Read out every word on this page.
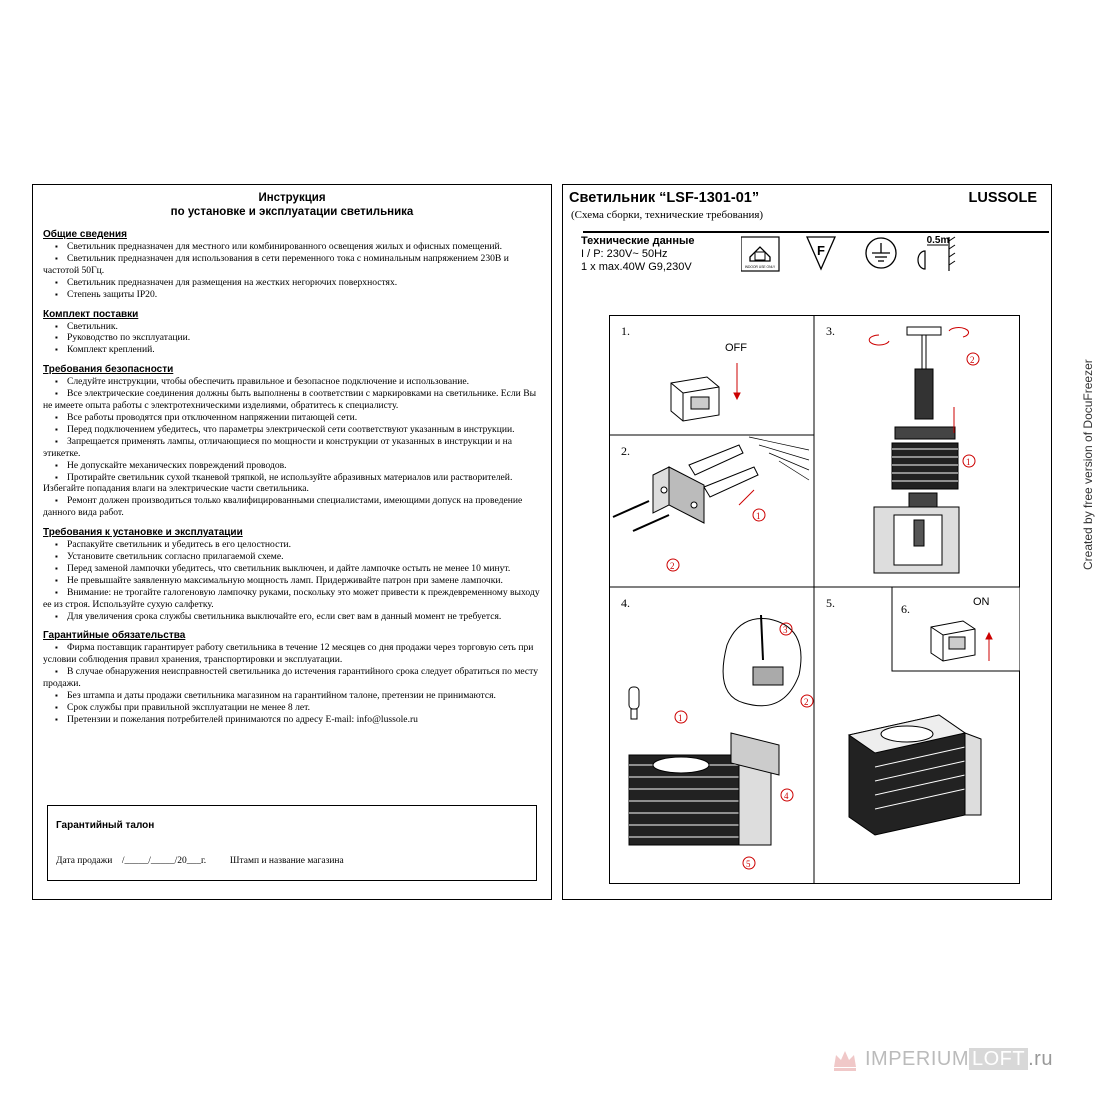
Инструкция
по установке и эксплуатации светильника
Общие сведения
▪ Светильник предназначен для местного или комбинированного освещения жилых и офисных помещений.
▪ Светильник предназначен для использования в сети переменного тока с номинальным напряжением 230В и частотой 50Гц.
▪ Светильник предназначен для размещения на жестких негорючих поверхностях.
▪ Степень защиты IP20.
Комплект поставки
▪ Светильник.
▪ Руководство по эксплуатации.
▪ Комплект креплений.
Требования безопасности
▪ Следуйте инструкции, чтобы обеспечить правильное и безопасное подключение и использование.
▪ Все электрические соединения должны быть выполнены в соответствии с маркировками на светильнике. Если Вы не имеете опыта работы с электротехническими изделиями, обратитесь к специалисту.
▪ Все работы проводятся при отключенном напряжении питающей сети.
▪ Перед подключением убедитесь, что параметры электрической сети соответствуют указанным в инструкции.
▪ Запрещается применять лампы, отличающиеся по мощности и конструкции от указанных в инструкции и на этикетке.
▪ Не допускайте механических повреждений проводов.
▪ Протирайте светильник сухой тканевой тряпкой, не используйте абразивных материалов или растворителей. Избегайте попадания влаги на электрические части светильника.
▪ Ремонт должен производиться только квалифицированными специалистами, имеющими допуск на проведение данного вида работ.
Требования к установке и эксплуатации
▪ Распакуйте светильник и убедитесь в его целостности.
▪ Установите светильник согласно прилагаемой схеме.
▪ Перед заменой лампочки убедитесь, что светильник выключен, и дайте лампочке остыть не менее 10 минут.
▪ Не превышайте заявленную максимальную мощность ламп. Придерживайте патрон при замене лампочки.
▪ Внимание: не трогайте галогеновую лампочку руками, поскольку это может привести к преждевременному выходу ее из строя. Используйте сухую салфетку.
▪ Для увеличения срока службы светильника выключайте его, если свет вам в данный момент не требуется.
Гарантийные обязательства
▪ Фирма поставщик гарантирует работу светильника в течение 12 месяцев со дня продажи через торговую сеть при условии соблюдения правил хранения, транспортировки и эксплуатации.
▪ В случае обнаружения неисправностей светильника до истечения гарантийного срока следует обратиться по месту продажи.
▪ Без штампа и даты продажи светильника магазином на гарантийном талоне, претензии не принимаются.
▪ Срок службы при правильной эксплуатации не менее 8 лет.
▪ Претензии и пожелания потребителей принимаются по адресу E-mail: info@lussole.ru
Гарантийный талон
Дата продажи    /_____/_____/20___г.          Штамп и название магазина
Светильник “LSF-1301-01”	LUSSOLE
(Схема сборки, технические требования)
Технические данные
I / P: 230V~ 50Hz
1 x max.40W G9,230V	INDOOR USE ONLY
F
0.5m
1.
OFF
2.
1
2
3.
2
1
4.
1
3
2
4
5
5.	6.	ON
Created by free version of DocuFreezer
IMPERIUM LOFT .ru
